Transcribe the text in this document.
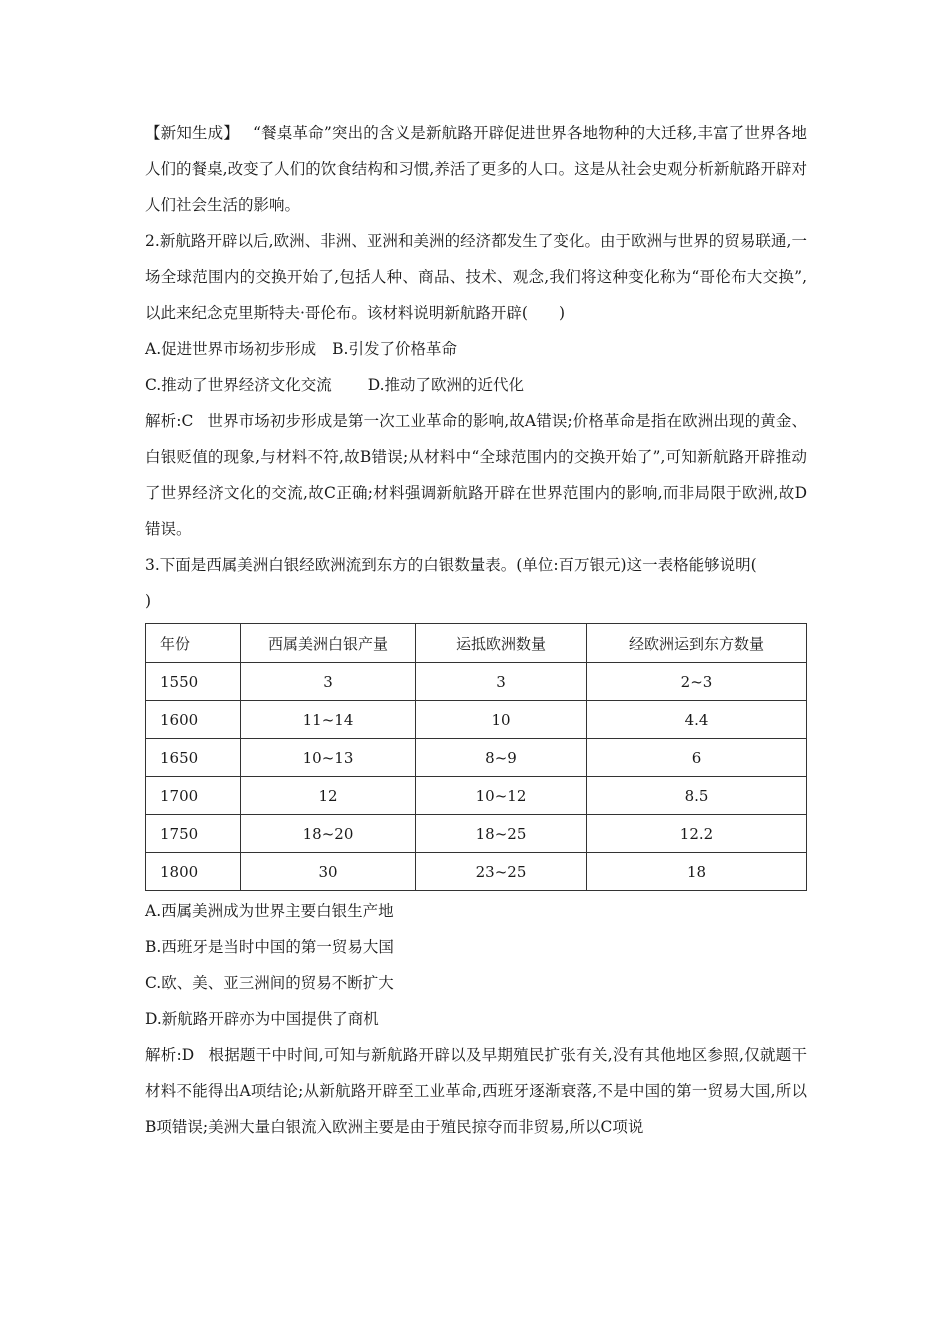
【新知生成】 “餐桌革命”突出的含义是新航路开辟促进世界各地物种的大迁移,丰富了世界各地人们的餐桌,改变了人们的饮食结构和习惯,养活了更多的人口。这是从社会史观分析新航路开辟对人们社会生活的影响。

2.新航路开辟以后,欧洲、非洲、亚洲和美洲的经济都发生了变化。由于欧洲与世界的贸易联通,一场全球范围内的交换开始了,包括人种、商品、技术、观念,我们将这种变化称为“哥伦布大交换”,以此来纪念克里斯特夫·哥伦布。该材料说明新航路开辟(　　)

A.促进世界市场初步形成 B.引发了价格革命

C.推动了世界经济文化交流 D.推动了欧洲的近代化

解析:C 世界市场初步形成是第一次工业革命的影响,故A错误;价格革命是指在欧洲出现的黄金、白银贬值的现象,与材料不符,故B错误;从材料中“全球范围内的交换开始了”,可知新航路开辟推动了世界经济文化的交流,故C正确;材料强调新航路开辟在世界范围内的影响,而非局限于欧洲,故D错误。

3.下面是西属美洲白银经欧洲流到东方的白银数量表。(单位:百万银元)这一表格能够说明(

)

年份	西属美洲白银产量	运抵欧洲数量	经欧洲运到东方数量
1550	3	3	2~3
1600	11~14	10	4.4
1650	10~13	8~9	6
1700	12	10~12	8.5
1750	18~20	18~25	12.2
1800	30	23~25	18

A.西属美洲成为世界主要白银生产地

B.西班牙是当时中国的第一贸易大国

C.欧、美、亚三洲间的贸易不断扩大

D.新航路开辟亦为中国提供了商机

解析:D 根据题干中时间,可知与新航路开辟以及早期殖民扩张有关,没有其他地区参照,仅就题干材料不能得出A项结论;从新航路开辟至工业革命,西班牙逐渐衰落,不是中国的第一贸易大国,所以B项错误;美洲大量白银流入欧洲主要是由于殖民掠夺而非贸易,所以C项说
